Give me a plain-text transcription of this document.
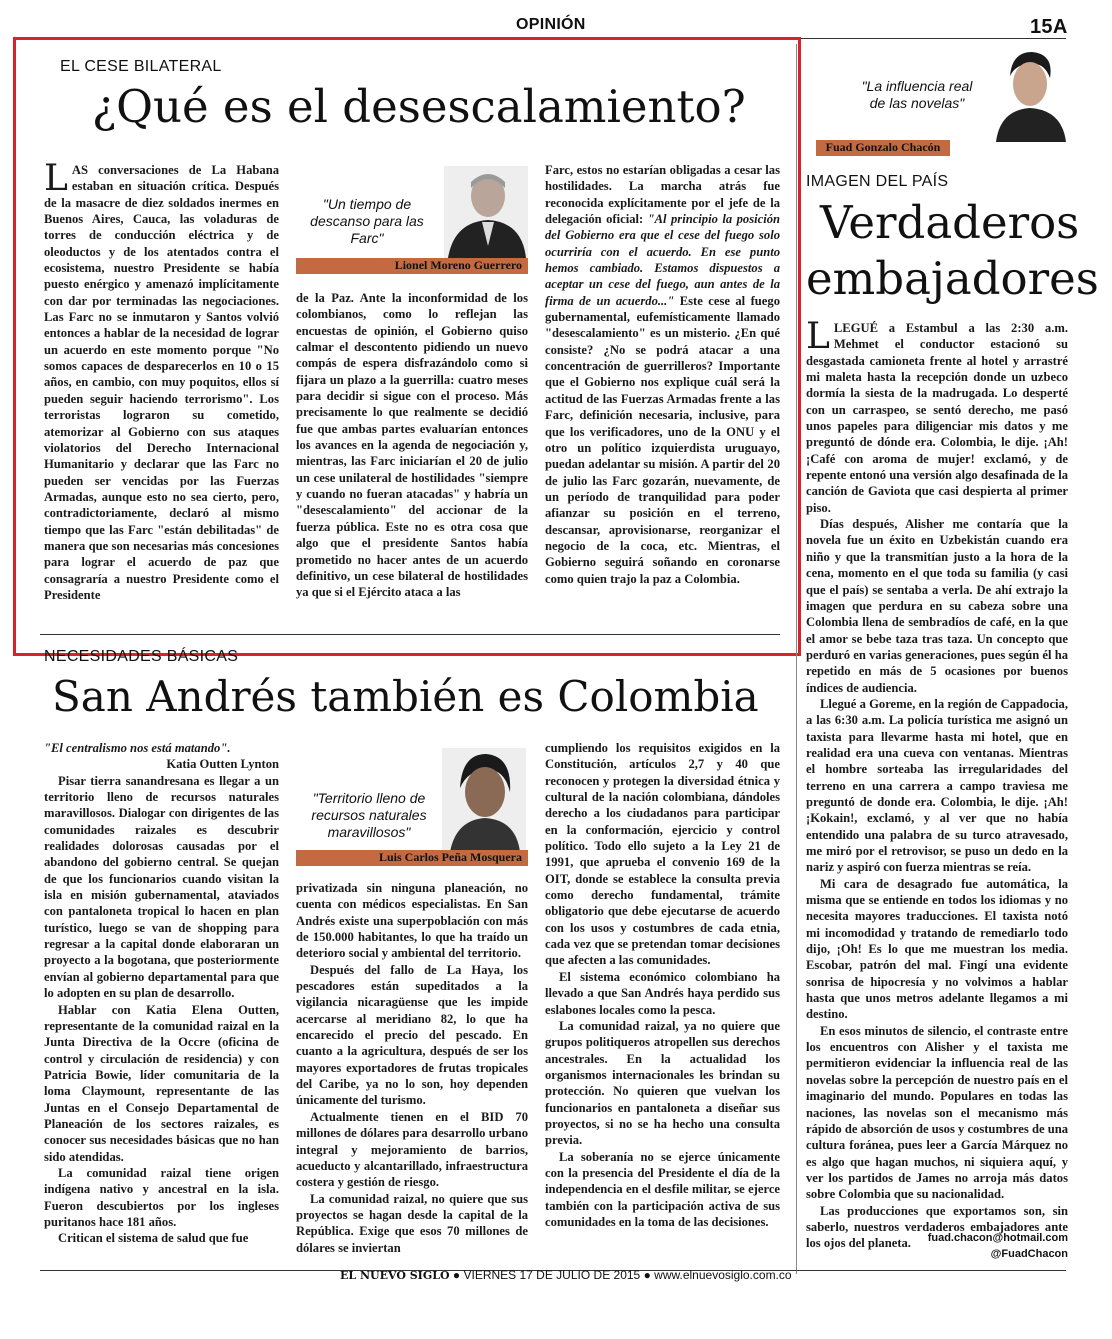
OPINIÓN	15A
EL CESE BILATERAL
¿Qué es el desescalamiento?

LAS conversaciones de La Habana estaban en situación crítica. Después de la masacre de diez soldados inermes en Buenos Aires, Cauca, las voladuras de torres de conducción eléctrica y de oleoductos y de los atentados contra el ecosistema, nuestro Presidente se había puesto enérgico y amenazó implícitamente con dar por terminadas las negociaciones. Las Farc no se inmutaron y Santos volvió entonces a hablar de la necesidad de lograr un acuerdo en este momento porque "No somos capaces de desparecerlos en 10 o 15 años, en cambio, con muy poquitos, ellos sí pueden seguir haciendo terrorismo". Los terroristas lograron su cometido, atemorizar al Gobierno con sus ataques violatorios del Derecho Internacional Humanitario y declarar que las Farc no pueden ser vencidas por las Fuerzas Armadas, aunque esto no sea cierto, pero, contradictoriamente, declaró al mismo tiempo que las Farc "están debilitadas" de manera que son necesarias más concesiones para lograr el acuerdo de paz que consagraría a nuestro Presidente como el Presidente

"Un tiempo de descanso para las Farc"
Lionel Moreno Guerrero

de la Paz. Ante la inconformidad de los colombianos, como lo reflejan las encuestas de opinión, el Gobierno quiso calmar el descontento pidiendo un nuevo compás de espera disfrazándolo como si fijara un plazo a la guerrilla: cuatro meses para decidir si sigue con el proceso. Más precisamente lo que realmente se decidió fue que ambas partes evaluarían entonces los avances en la agenda de negociación y, mientras, las Farc iniciarían el 20 de julio un cese unilateral de hostilidades "siempre y cuando no fueran atacadas" y habría un "desescalamiento" del accionar de la fuerza pública. Este no es otra cosa que algo que el presidente Santos había prometido no hacer antes de un acuerdo definitivo, un cese bilateral de hostilidades ya que si el Ejército ataca a las

Farc, estos no estarían obligadas a cesar las hostilidades. La marcha atrás fue reconocida explícitamente por el jefe de la delegación oficial: "Al principio la posición del Gobierno era que el cese del fuego solo ocurriría con el acuerdo. En ese punto hemos cambiado. Estamos dispuestos a aceptar un cese del fuego, aun antes de la firma de un acuerdo..." Este cese al fuego gubernamental, eufemísticamente llamado "desescalamiento" es un misterio. ¿En qué consiste? ¿No se podrá atacar a una concentración de guerrilleros? Importante que el Gobierno nos explique cuál será la actitud de las Fuerzas Armadas frente a las Farc, definición necesaria, inclusive, para que los verificadores, uno de la ONU y el otro un político izquierdista uruguayo, puedan adelantar su misión. A partir del 20 de julio las Farc gozarán, nuevamente, de un período de tranquilidad para poder afianzar su posición en el terreno, descansar, aprovisionarse, reorganizar el negocio de la coca, etc. Mientras, el Gobierno seguirá soñando en coronarse como quien trajo la paz a Colombia.

NECESIDADES BÁSICAS
San Andrés también es Colombia

"El centralismo nos está matando".

Katia Outten Lynton

Pisar tierra sanandresana es llegar a un territorio lleno de recursos naturales maravillosos. Dialogar con dirigentes de las comunidades raizales es descubrir realidades dolorosas causadas por el abandono del gobierno central. Se quejan de que los funcionarios cuando visitan la isla en misión gubernamental, ataviados con pantaloneta tropical lo hacen en plan turístico, luego se van de shopping para regresar a la capital donde elaboraran un proyecto a la bogotana, que posteriormente envían al gobierno departamental para que lo adopten en su plan de desarrollo.

Hablar con Katia Elena Outten, representante de la comunidad raizal en la Junta Directiva de la Occre (oficina de control y circulación de residencia) y con Patricia Bowie, líder comunitaria de la loma Claymount, representante de las Juntas en el Consejo Departamental de Planeación de los sectores raizales, es conocer sus necesidades básicas que no han sido atendidas.

La comunidad raizal tiene origen indígena nativo y ancestral en la isla. Fueron descubiertos por los ingleses puritanos hace 181 años.

Critican el sistema de salud que fue

"Territorio lleno de recursos naturales maravillosos"
Luis Carlos Peña Mosquera

privatizada sin ninguna planeación, no cuenta con médicos especialistas. En San Andrés existe una superpoblación con más de 150.000 habitantes, lo que ha traído un deterioro social y ambiental del territorio.

Después del fallo de La Haya, los pescadores están supeditados a la vigilancia nicaragüense que les impide acercarse al meridiano 82, lo que ha encarecido el precio del pescado. En cuanto a la agricultura, después de ser los mayores exportadores de frutas tropicales del Caribe, ya no lo son, hoy dependen únicamente del turismo.

Actualmente tienen en el BID 70 millones de dólares para desarrollo urbano integral y mejoramiento de barrios, acueducto y alcantarillado, infraestructura costera y gestión de riesgo.

La comunidad raizal, no quiere que sus proyectos se hagan desde la capital de la República. Exige que esos 70 millones de dólares se inviertan

cumpliendo los requisitos exigidos en la Constitución, artículos 2,7 y 40 que reconocen y protegen la diversidad étnica y cultural de la nación colombiana, dándoles derecho a los ciudadanos para participar en la conformación, ejercicio y control político. Todo ello sujeto a la Ley 21 de 1991, que aprueba el convenio 169 de la OIT, donde se establece la consulta previa como derecho fundamental, trámite obligatorio que debe ejecutarse de acuerdo con los usos y costumbres de cada etnia, cada vez que se pretendan tomar decisiones que afecten a las comunidades.

El sistema económico colombiano ha llevado a que San Andrés haya perdido sus eslabones locales como la pesca.

La comunidad raizal, ya no quiere que grupos politiqueros atropellen sus derechos ancestrales. En la actualidad los organismos internacionales les brindan su protección. No quieren que vuelvan los funcionarios en pantaloneta a diseñar sus proyectos, si no se ha hecho una consulta previa.

La soberanía no se ejerce únicamente con la presencia del Presidente el día de la independencia en el desfile militar, se ejerce también con la participación activa de sus comunidades en la toma de las decisiones.

"La influencia real de las novelas"
Fuad Gonzalo Chacón
IMAGEN DEL PAÍS
Verdaderos
embajadores

LLEGUÉ a Estambul a las 2:30 a.m. Mehmet el conductor estacionó su desgastada camioneta frente al hotel y arrastré mi maleta hasta la recepción donde un uzbeco dormía la siesta de la madrugada. Lo desperté con un carraspeo, se sentó derecho, me pasó unos papeles para diligenciar mis datos y me preguntó de dónde era. Colombia, le dije. ¡Ah! ¡Café con aroma de mujer! exclamó, y de repente entonó una versión algo desafinada de la canción de Gaviota que casi despierta al primer piso.

Días después, Alisher me contaría que la novela fue un éxito en Uzbekistán cuando era niño y que la transmitían justo a la hora de la cena, momento en el que toda su familia (y casi que el país) se sentaba a verla. De ahí extrajo la imagen que perdura en su cabeza sobre una Colombia llena de sembradíos de café, en la que el amor se bebe taza tras taza. Un concepto que perduró en varias generaciones, pues según él ha repetido en más de 5 ocasiones por buenos índices de audiencia.

Llegué a Goreme, en la región de Cappadocia, a las 6:30 a.m. La policía turística me asignó un taxista para llevarme hasta mi hotel, que en realidad era una cueva con ventanas. Mientras el hombre sorteaba las irregularidades del terreno en una carrera a campo traviesa me preguntó de donde era. Colombia, le dije. ¡Ah! ¡Kokain!, exclamó, y al ver que no había entendido una palabra de su turco atravesado, me miró por el retrovisor, se puso un dedo en la nariz y aspiró con fuerza mientras se reía.

Mi cara de desagrado fue automática, la misma que se entiende en todos los idiomas y no necesita mayores traducciones. El taxista notó mi incomodidad y tratando de remediarlo todo dijo, ¡Oh! Es lo que me muestran los media. Escobar, patrón del mal. Fingí una evidente sonrisa de hipocresía y no volvimos a hablar hasta que unos metros adelante llegamos a mi destino.

En esos minutos de silencio, el contraste entre los encuentros con Alisher y el taxista me permitieron evidenciar la influencia real de las novelas sobre la percepción de nuestro país en el imaginario del mundo. Populares en todas las naciones, las novelas son el mecanismo más rápido de absorción de usos y costumbres de una cultura foránea, pues leer a García Márquez no es algo que hagan muchos, ni siquiera aquí, y ver los partidos de James no arroja más datos sobre Colombia que su nacionalidad.

Las producciones que exportamos son, sin saberlo, nuestros verdaderos embajadores ante los ojos del planeta.	fuad.chacon@hotmail.com
@FuadChacon
EL NUEVO SIGLO ● VIERNES 17 DE JULIO DE 2015 ● www.elnuevosiglo.com.co
